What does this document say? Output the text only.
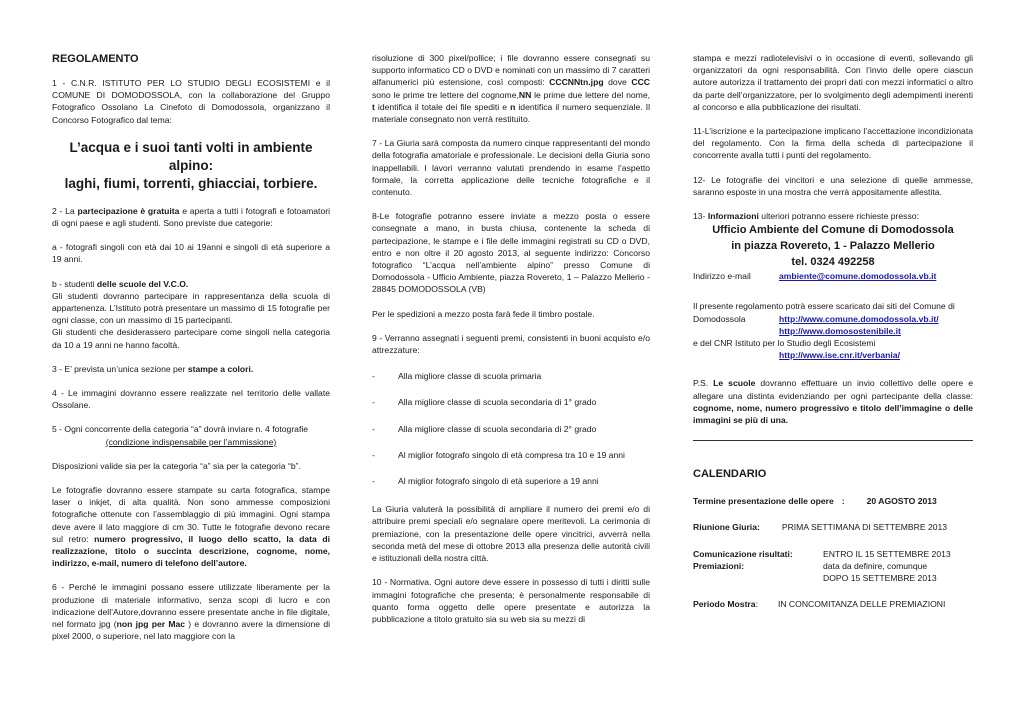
REGOLAMENTO

1 - C.N.R. ISTITUTO PER LO STUDIO DEGLI ECOSISTEMI e il COMUNE DI DOMODOSSOLA, con la collaborazione del Gruppo Fotografico Ossolano La Cinefoto di Domodossola, organizzano il Concorso Fotografico dal tema:

L’acqua e i suoi tanti volti in ambiente alpino:
laghi, fiumi, torrenti, ghiacciai, torbiere.

2 - La partecipazione è gratuita e aperta a tutti i fotografi e fotoamatori di ogni paese e agli studenti. Sono previste due categorie:

a - fotografi singoli con età dai 10 ai 19anni e singoli di età superiore a 19 anni.

b - studenti delle scuole del V.C.O.

Gli studenti dovranno partecipare in rappresentanza della scuola di appartenenza. L’Istituto potrà presentare un massimo di 15 fotografie per ogni classe, con un massimo di 15 partecipanti.

Gli studenti che desiderassero partecipare come singoli nella categoria da 10 a 19 anni ne hanno facoltà.

3 - E’ prevista un’unica sezione per stampe a colori.

4 - Le immagini dovranno essere realizzate nel territorio delle vallate Ossolane.

5 - Ogni concorrente della categoria “a” dovrà inviare n. 4 fotografie

(condizione indispensabile per l’ammissione)

Disposizioni valide sia per la categoria “a” sia per la categoria “b”.

Le fotografie dovranno essere stampate su carta fotografica, stampe laser o inkjet, di alta qualità. Non sono ammesse composizioni fotografiche ottenute con l’assemblaggio di più immagini. Ogni stampa deve avere il lato maggiore di cm 30. Tutte le fotografie devono recare sul retro: numero progressivo, il luogo dello scatto, la data di realizzazione, titolo o succinta descrizione, cognome, nome, indirizzo, e-mail, numero di telefono dell’autore.

6 - Perché le immagini possano essere utilizzate liberamente per la produzione di materiale informativo, senza scopi di lucro e con indicazione dell’Autore,dovranno essere presentate anche in file digitale, nel formato jpg (non jpg per Mac ) e dovranno avere la dimensione di pixel 2000, o superiore, nel lato maggiore con la

risoluzione di 300 pixel/pollice; i file dovranno essere consegnati su supporto informatico CD o DVD e nominati con un massimo di 7 caratteri alfanumerici più estensione, così composti: CCCNNtn.jpg dove CCC sono le prime tre lettere del cognome,NN le prime due lettere del nome, t identifica il totale dei file spediti e n identifica il numero sequenziale. Il materiale consegnato non verrà restituito.

7 - La Giuria sarà composta da numero cinque rappresentanti del mondo della fotografia amatoriale e professionale. Le decisioni della Giuria sono inappellabili. I lavori verranno valutati prendendo in esame l’aspetto formale, la corretta applicazione delle tecniche fotografiche e il contenuto.

8-Le fotografie potranno essere inviate a mezzo posta o essere consegnate a mano, in busta chiusa, contenente la scheda di partecipazione, le stampe e i file delle immagini registrati su CD o DVD, entro e non oltre il 20 agosto 2013, al seguente indirizzo: Concorso fotografico “L’acqua nell’ambiente alpino” presso Comune di Domodossola - Ufficio Ambiente, piazza Rovereto, 1 – Palazzo Mellerio - 28845 DOMODOSSOLA (VB)

Per le spedizioni a mezzo posta farà fede il timbro postale.

9 - Verranno assegnati i seguenti premi, consistenti in buoni acquisto e/o attrezzature:

-	Alla migliore classe di scuola primaria
-	Alla migliore classe di scuola secondaria di 1° grado
-	Alla migliore classe di scuola secondaria di 2° grado
-	Al miglior fotografo singolo di età compresa tra 10 e 19 anni
-	Al miglior fotografo singolo di età superiore a 19 anni

La Giuria valuterà la possibilità di ampliare il numero dei premi e/o di attribuire premi speciali e/o segnalare opere meritevoli. La cerimonia di premiazione, con la presentazione delle opere vincitrici, avverrà nella seconda metà del mese di ottobre 2013 alla presenza delle autorità civili e istituzionali della nostra città.

10 - Normativa. Ogni autore deve essere in possesso di tutti i diritti sulle immagini fotografiche che presenta; è personalmente responsabile di quanto forma oggetto delle opere presentate e autorizza la pubblicazione a titolo gratuito sia su web sia su mezzi di

stampa e mezzi radiotelevisivi o in occasione di eventi, sollevando gli organizzatori da ogni responsabilità. Con l’invio delle opere ciascun autore autorizza il trattamento dei propri dati con mezzi informatici o altro da parte dell’organizzatore, per lo svolgimento degli adempimenti inerenti al concorso e alla pubblicazione dei risultati.

11-L’iscrizione e la partecipazione implicano l’accettazione incondizionata del regolamento. Con la firma della scheda di partecipazione il concorrente avalla tutti i punti del regolamento.

12- Le fotografie dei vincitori e una selezione di quelle ammesse, saranno esposte in una mostra che verrà appositamente allestita.

13- Informazioni ulteriori potranno essere richieste presso:

Ufficio Ambiente del Comune di Domodossola
in piazza Rovereto, 1 - Palazzo Mellerio
tel. 0324 492258
Indirizzo e-mail	ambiente@comune.domodossola.vb.it

Il presente regolamento potrà essere scaricato dai siti del Comune di

Domodossola	http://www.comune.domodossola.vb.it/
http://www.domosostenibile.it

e del CNR Istituto per lo Studio degli Ecosistemi

http://www.ise.cnr.it/verbania/

P.S. Le scuole dovranno effettuare un invio collettivo delle opere e allegare una distinta evidenziando per ogni partecipante della classe: cognome, nome, numero progressivo e titolo dell’immagine o delle immagini se più di una.

CALENDARIO
Termine presentazione delle opere :	20 AGOSTO 2013
Riunione Giuria:	PRIMA SETTIMANA DI SETTEMBRE 2013
Comunicazione risultati:	ENTRO IL 15 SETTEMBRE 2013
Premiazioni:	data da definire, comunque
DOPO 15 SETTEMBRE 2013
Periodo Mostra :	IN CONCOMITANZA DELLE PREMIAZIONI
